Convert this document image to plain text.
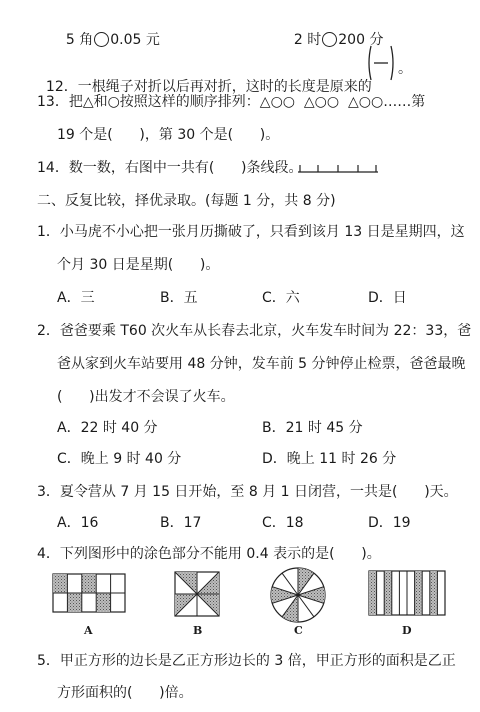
5 角 0.05 元	2 时 200 分

12．一根绳子对折以后再对折，这时的长度是原来的

。
13．把△和○按照这样的顺序排列：△○○  △○○  △○○……第
19 个是(      )，第 30 个是(      )。
14．数一数，右图中一共有(      )条线段。
二、反复比较，择优录取。(每题 1 分，共 8 分)
1．小马虎不小心把一张月历撕破了，只看到该月 13 日是星期四，这
个月 30 日是星期(      )。
A．三	B．五	C．六	D．日
2．爸爸要乘 T60 次火车从长春去北京，火车发车时间为 22：33，爸
爸从家到火车站要用 48 分钟，发车前 5 分钟停止检票，爸爸最晚
(      )出发才不会误了火车。
A．22 时 40 分	B．21 时 45 分
C．晚上 9 时 40 分	D．晚上 11 时 26 分
3．夏令营从 7 月 15 日开始，至 8 月 1 日闭营，一共是(      )天。
A．16	B．17	C．18	D．19
4．下列图形中的涂色部分不能用 0.4 表示的是(      )。
A	B	C	D
5．甲正方形的边长是乙正方形边长的 3 倍，甲正方形的面积是乙正
方形面积的(      )倍。
